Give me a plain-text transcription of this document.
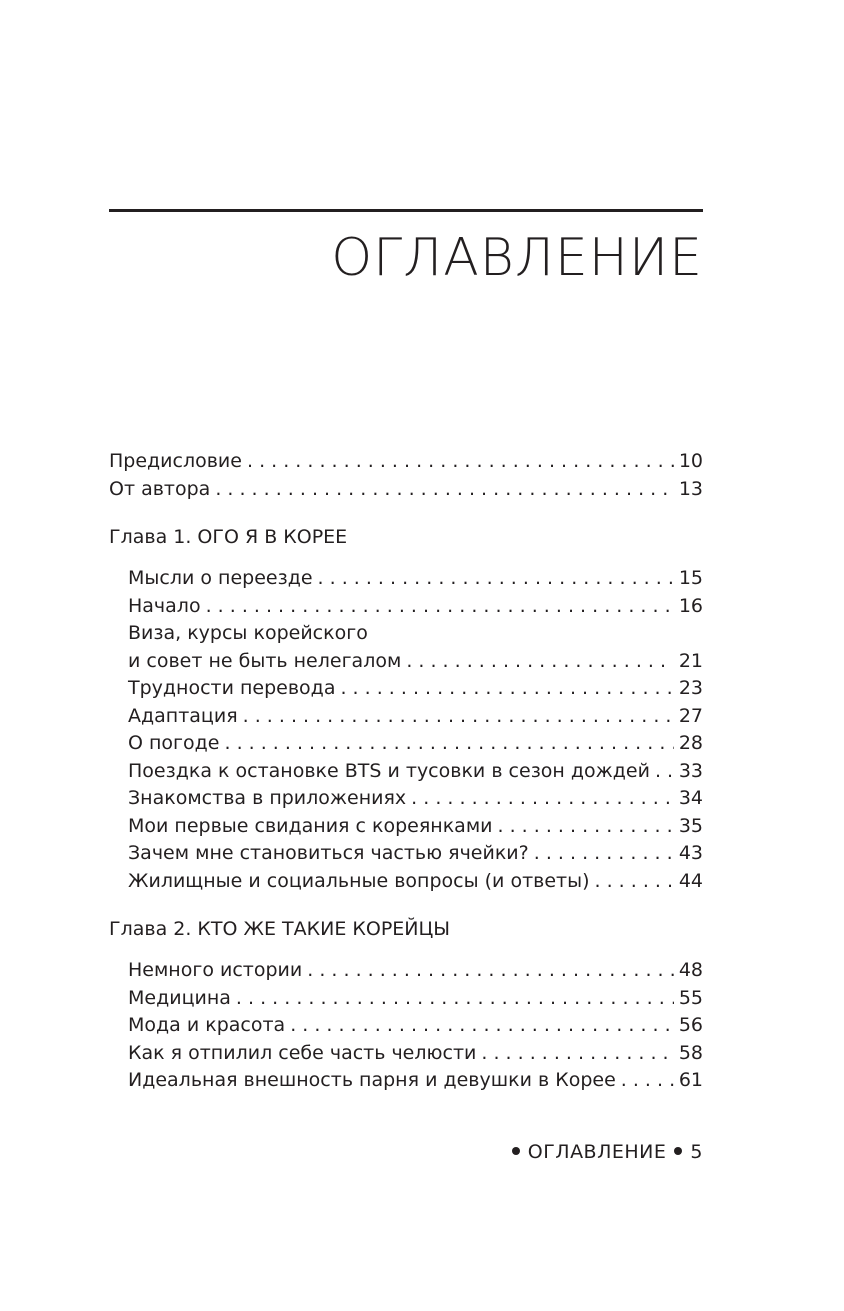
ОГЛАВЛЕНИЕ
Предисловие . . .	10
От автора . . .	13
Глава 1. ОГО Я В КОРЕЕ
Мысли о переезде . . .	15
Начало . . .	16
Виза, курсы корейского
и совет не быть нелегалом . . .	21
Трудности перевода . . .	23
Адаптация . . .	27
О погоде . . .	28
Поездка к остановке BTS и тусовки в сезон дождей . . . 33
Знакомства в приложениях . . .	34
Мои первые свидания с кореянками . . .	35
Зачем мне становиться частью ячейки? . . .	43
Жилищные и социальные вопросы (и ответы) . . .	44
Глава 2. КТО ЖЕ ТАКИЕ КОРЕЙЦЫ
Немного истории . . .	48
Медицина . . .	55
Мода и красота . . .	56
Как я отпилил себе часть челюсти . . .	58
Идеальная внешность парня и девушки в Корее . . .	61
ОГЛАВЛЕНИЕ 5
